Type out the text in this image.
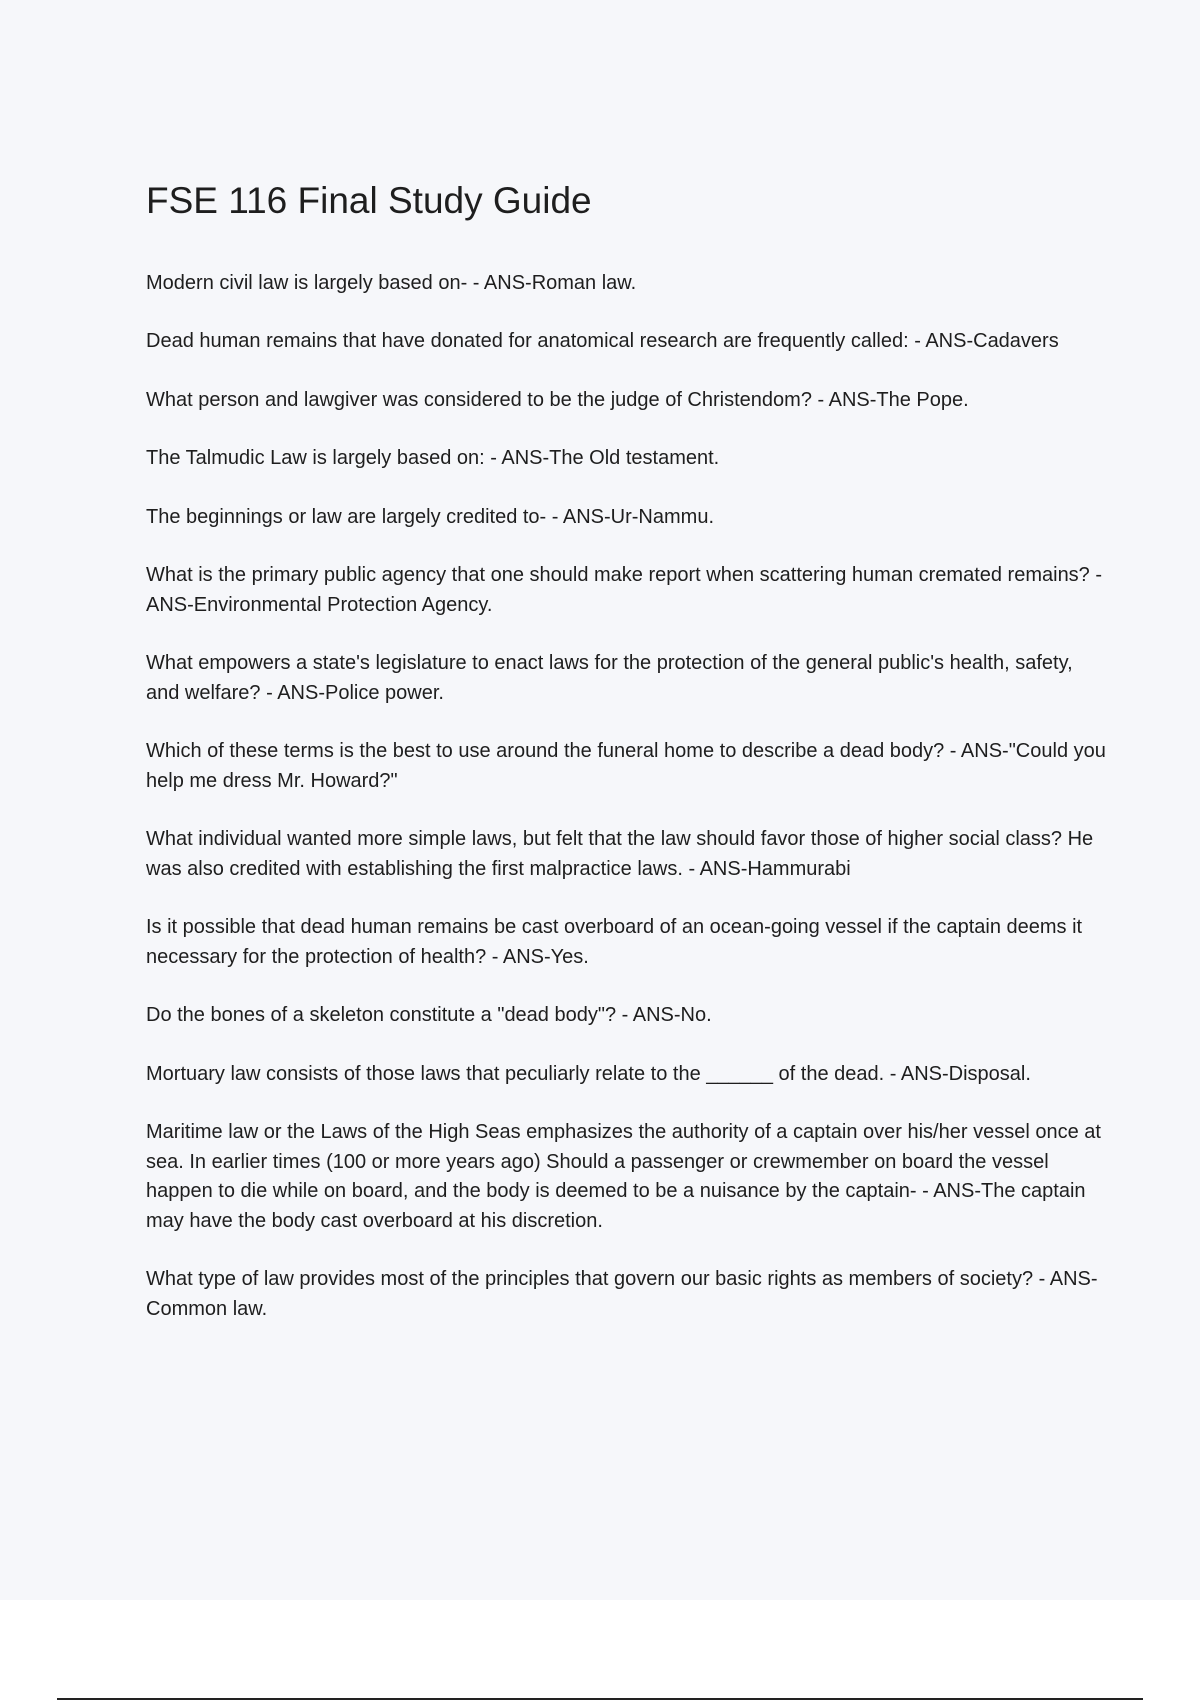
FSE 116 Final Study Guide
Modern civil law is largely based on- - ANS-Roman law.
Dead human remains that have donated for anatomical research are frequently called: - ANS-Cadavers
What person and lawgiver was considered to be the judge of Christendom? - ANS-The Pope.
The Talmudic Law is largely based on: - ANS-The Old testament.
The beginnings or law are largely credited to- - ANS-Ur-Nammu.
What is the primary public agency that one should make report when scattering human cremated remains? - ANS-Environmental Protection Agency.
What empowers a state's legislature to enact laws for the protection of the general public's health, safety, and welfare? - ANS-Police power.
Which of these terms is the best to use around the funeral home to describe a dead body? - ANS-"Could you help me dress Mr. Howard?"
What individual wanted more simple laws, but felt that the law should favor those of higher social class? He was also credited with establishing the first malpractice laws. - ANS-Hammurabi
Is it possible that dead human remains be cast overboard of an ocean-going vessel if the captain deems it necessary for the protection of health? - ANS-Yes.
Do the bones of a skeleton constitute a "dead body"? - ANS-No.
Mortuary law consists of those laws that peculiarly relate to the ______ of the dead. - ANS-Disposal.
Maritime law or the Laws of the High Seas emphasizes the authority of a captain over his/her vessel once at sea. In earlier times (100 or more years ago) Should a passenger or crewmember on board the vessel happen to die while on board, and the body is deemed to be a nuisance by the captain- - ANS-The captain may have the body cast overboard at his discretion.
What type of law provides most of the principles that govern our basic rights as members of society? - ANS-Common law.
